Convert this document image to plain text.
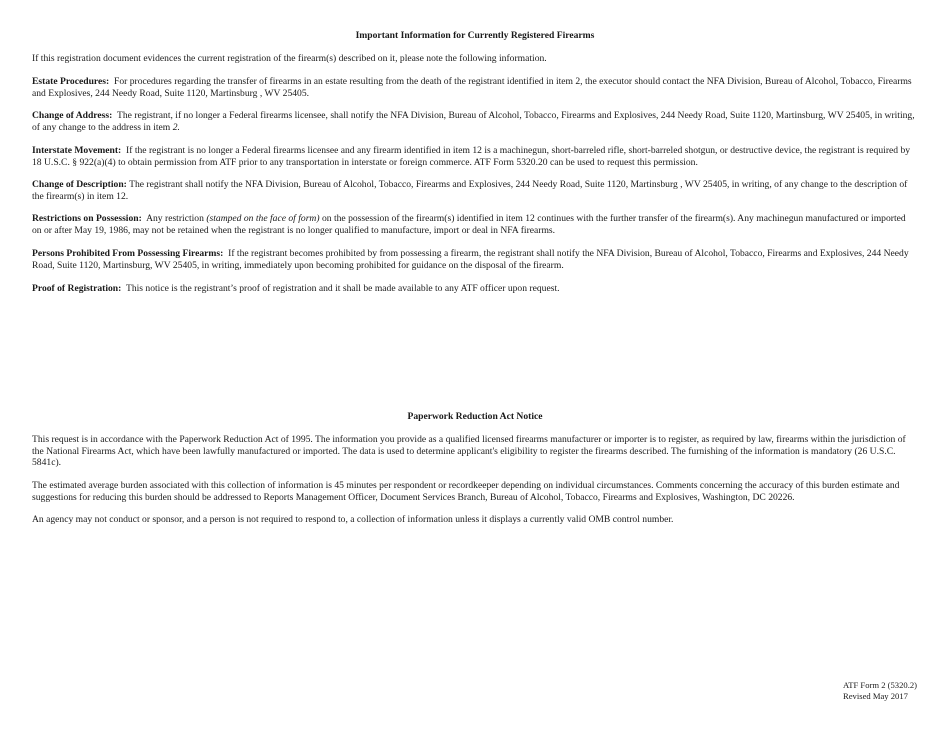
Important Information for Currently Registered Firearms

If this registration document evidences the current registration of the firearm(s) described on it, please note the following information.

Estate Procedures: For procedures regarding the transfer of firearms in an estate resulting from the death of the registrant identified in item 2, the executor should contact the NFA Division, Bureau of Alcohol, Tobacco, Firearms and Explosives, 244 Needy Road, Suite 1120, Martinsburg , WV 25405.

Change of Address: The registrant, if no longer a Federal firearms licensee, shall notify the NFA Division, Bureau of Alcohol, Tobacco, Firearms and Explosives, 244 Needy Road, Suite 1120, Martinsburg, WV 25405, in writing, of any change to the address in item 2.

Interstate Movement: If the registrant is no longer a Federal firearms licensee and any firearm identified in item 12 is a machinegun, short-barreled rifle, short-barreled shotgun, or destructive device, the registrant is required by 18 U.S.C. § 922(a)(4) to obtain permission from ATF prior to any transportation in interstate or foreign commerce. ATF Form 5320.20 can be used to request this permission.

Change of Description: The registrant shall notify the NFA Division, Bureau of Alcohol, Tobacco, Firearms and Explosives, 244 Needy Road, Suite 1120, Martinsburg , WV 25405, in writing, of any change to the description of the firearm(s) in item 12.

Restrictions on Possession: Any restriction (stamped on the face of form) on the possession of the firearm(s) identified in item 12 continues with the further transfer of the firearm(s). Any machinegun manufactured or imported on or after May 19, 1986, may not be retained when the registrant is no longer qualified to manufacture, import or deal in NFA firearms.

Persons Prohibited From Possessing Firearms: If the registrant becomes prohibited by from possessing a firearm, the registrant shall notify the NFA Division, Bureau of Alcohol, Tobacco, Firearms and Explosives, 244 Needy Road, Suite 1120, Martinsburg, WV 25405, in writing, immediately upon becoming prohibited for guidance on the disposal of the firearm.

Proof of Registration: This notice is the registrant’s proof of registration and it shall be made available to any ATF officer upon request.

Paperwork Reduction Act Notice

This request is in accordance with the Paperwork Reduction Act of 1995. The information you provide as a qualified licensed firearms manufacturer or importer is to register, as required by law, firearms within the jurisdiction of the National Firearms Act, which have been lawfully manufactured or imported. The data is used to determine applicant's eligibility to register the firearms described. The furnishing of the information is mandatory (26 U.S.C. 5841c).

The estimated average burden associated with this collection of information is 45 minutes per respondent or recordkeeper depending on individual circumstances. Comments concerning the accuracy of this burden estimate and suggestions for reducing this burden should be addressed to Reports Management Officer, Document Services Branch, Bureau of Alcohol, Tobacco, Firearms and Explosives, Washington, DC 20226.

An agency may not conduct or sponsor, and a person is not required to respond to, a collection of information unless it displays a currently valid OMB control number.

ATF Form 2 (5320.2)
Revised May 2017
